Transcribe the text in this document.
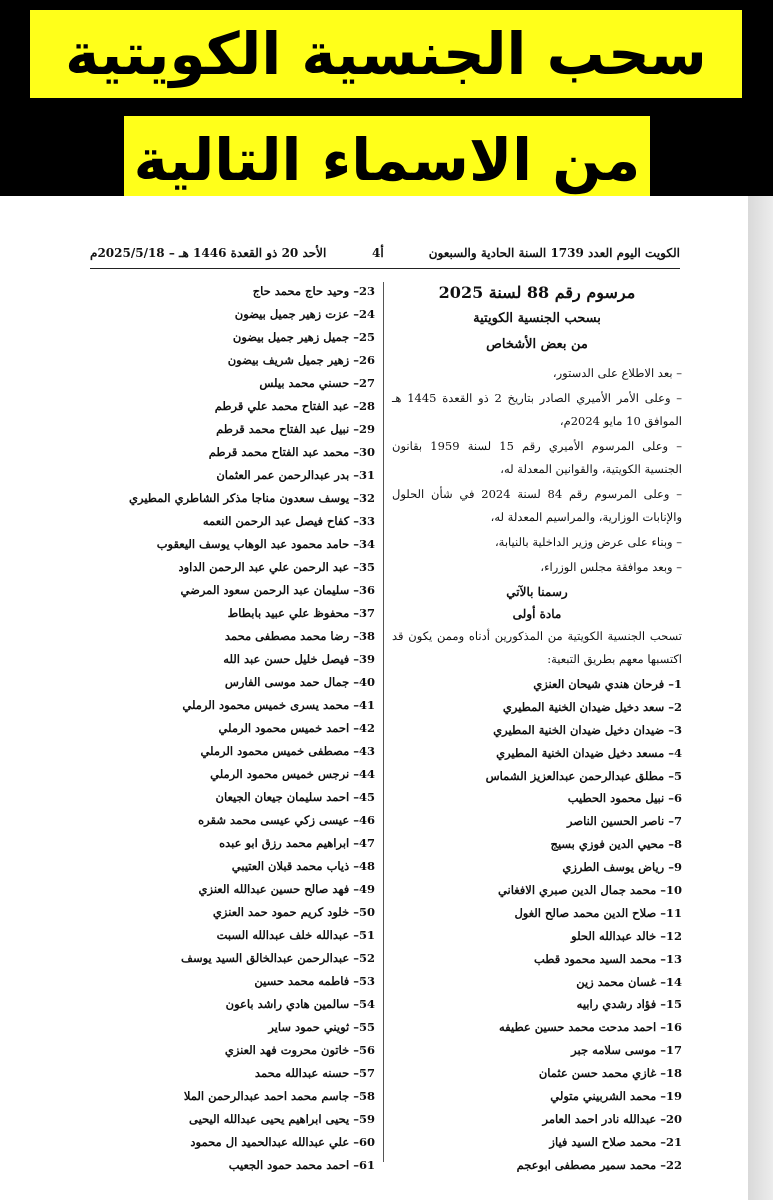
سحب الجنسية الكويتية
من الاسماء التالية
الكويت اليوم العدد 1739 السنة الحادية والسبعون
أ4
الأحد 20 ذو القعدة 1446 هـ – 2025/5/18م
مرسوم رقم 88 لسنة 2025
بسحب الجنسية الكويتية
من بعض الأشخاص

– بعد الاطلاع على الدستور،

– وعلى الأمر الأميري الصادر بتاريخ 2 ذو القعدة 1445 هـ الموافق 10 مايو 2024م،

– وعلى المرسوم الأميري رقم 15 لسنة 1959 بقانون الجنسية الكويتية، والقوانين المعدلة له،

– وعلى المرسوم رقم 84 لسنة 2024 في شأن الحلول والإنابات الوزارية، والمراسيم المعدلة له،

– وبناء على عرض وزير الداخلية بالنيابة،

– وبعد موافقة مجلس الوزراء،

رسمنا بالآتي
مادة أولى

تسحب الجنسية الكويتية من المذكورين أدناه وممن يكون قد اكتسبها معهم بطريق التبعية:

1– فرحان هندي شيحان العنزي
2– سعد دخيل ضيدان الخنية المطيري
3– ضيدان دخيل ضيدان الخنية المطيري
4– مسعد دخيل ضيدان الخنية المطيري
5– مطلق عبدالرحمن عبدالعزيز الشماس
6– نبيل محمود الحطيب
7– ناصر الحسين الناصر
8– محيي الدين فوزي بسيج
9– رياض يوسف الطرزي
10– محمد جمال الدين صبري الافغاني
11– صلاح الدين محمد صالح الغول
12– خالد عبدالله الحلو
13– محمد السيد محمود قطب
14– غسان محمد زين
15– فؤاد رشدي رابيه
16– احمد مدحت محمد حسين عطيفه
17– موسى سلامه جبر
18– غازي محمد حسن عثمان
19– محمد الشربيني متولي
20– عبدالله نادر احمد العامر
21– محمد صلاح السيد فياز
22– محمد سمير مصطفى ابوعجم
23– وحيد حاج محمد حاج
24– عزت زهير جميل بيضون
25– جميل زهير جميل بيضون
26– زهير جميل شريف بيضون
27– حسني محمد بيلس
28– عبد الفتاح محمد علي قرطم
29– نبيل عبد الفتاح محمد قرطم
30– محمد عبد الفتاح محمد قرطم
31– بدر عبدالرحمن عمر العثمان
32– يوسف سعدون مناجا مذكر الشاطري المطيري
33– كفاح فيصل عبد الرحمن النعمه
34– حامد محمود عبد الوهاب يوسف اليعقوب
35– عبد الرحمن علي عبد الرحمن الداود
36– سليمان عبد الرحمن سعود المرضي
37– محفوظ علي عبيد بابطاط
38– رضا محمد مصطفى محمد
39– فيصل خليل حسن عبد الله
40– جمال حمد موسى الفارس
41– محمد يسرى خميس محمود الرملي
42– احمد خميس محمود الرملي
43– مصطفى خميس محمود الرملي
44– نرجس خميس محمود الرملي
45– احمد سليمان جيعان الجيعان
46– عيسى زكي عيسى محمد شقره
47– ابراهيم محمد رزق ابو عبده
48– ذياب محمد قبلان العتيبي
49– فهد صالح حسين عبدالله العنزي
50– خلود كريم حمود حمد العنزي
51– عبدالله خلف عبدالله السبت
52– عبدالرحمن عبدالخالق السيد يوسف
53– فاطمه محمد حسين
54– سالمين هادي راشد باعون
55– ثويني حمود ساير
56– خاتون محروت فهد العنزي
57– حسنه عبدالله محمد
58– جاسم محمد احمد عبدالرحمن الملا
59– يحيى ابراهيم يحيى عبدالله اليحيى
60– علي عبدالله عبدالحميد ال محمود
61– احمد محمد حمود الجعيب
